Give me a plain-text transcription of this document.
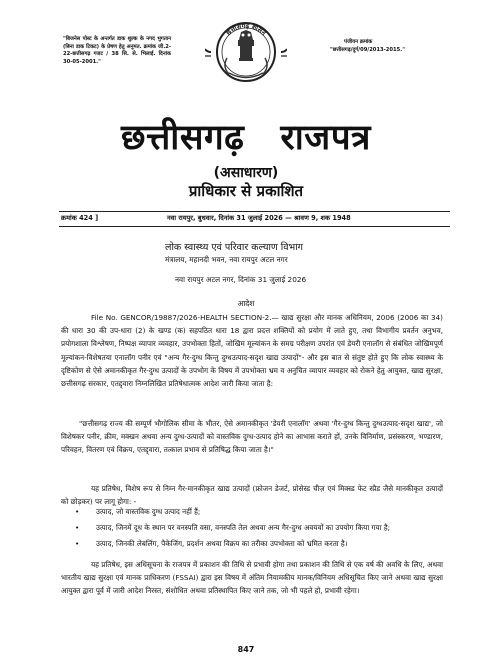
"बिजनेस पोस्ट के अन्तर्गत डाक शुल्क के नगद भुगतान (बिना डाक टिकट) के प्रेषण हेतु अनुमत. क्रमांक जी.2-22-छत्तीसगढ़ गजट / 38 सि. से. भिलाई. दिनांक 30-05-2001."
छत्तीसगढ़ शासन
पंजीयन क्रमांक
"छत्तीसगढ़/दुर्ग/09/2013-2015."
छत्तीसगढ़ राजपत्र
(असाधारण)
प्राधिकार से प्रकाशित
क्रमांक 424 ]	नवा रायपुर, बुधवार, दिनांक 31 जुलाई 2026 — श्रावण 9, शक 1948
लोक स्वास्थ्य एवं परिवार कल्याण विभाग
मंत्रालय, महानदी भवन, नवा रायपुर अटल नगर
नवा रायपुर अटल नगर, दिनांक 31 जुलाई 2026
आदेश
File No. GENCOR/19887/2026-HEALTH SECTION-2.— खाद्य सुरक्षा और मानक अधिनियम, 2006 (2006 का 34) की धारा 30 की उप-धारा (2) के खण्ड (क) सहपठित धारा 18 द्वारा प्रदत्त शक्तियों को प्रयोग में लाते हुए, तथा विभागीय प्रवर्तन अनुभव, प्रयोगशाला विश्लेषण, निष्पक्ष व्यापार व्यवहार, उपभोक्ता हितों, जोखिम मूल्यांकन के समग्र परीक्षण उपरांत एवं डेयरी एनालॉग से संबंधित जोखिमपूर्ण मूल्यांकन-विशेषतया एनालॉग पनीर एवं "अन्य गैर-दुग्ध किन्तु दुग्धउत्पाद-सदृश खाद्य उत्पादों"- और इस बात से संतुष्ट होते हुए कि लोक स्वास्थ्य के दृष्टिकोण से ऐसे अमानकीकृत गैर-दुग्ध उत्पादों के उपभोग के विषय में उपभोक्ता भ्रम व अनुचित व्यापार व्यवहार को रोकने हेतु आयुक्त, खाद्य सुरक्षा, छत्तीसगढ़ सरकार, एतद्द्वारा निम्नलिखित प्रतिषेधात्मक आदेश जारी किया जाता है:
"छत्तीसगढ़ राज्य की सम्पूर्ण भौगोलिक सीमा के भीतर, ऐसे अमानकीकृत 'डेयरी एनालॉग' अथवा 'गैर-दुग्ध किन्तु दुग्धउत्पाद-सदृश खाद्य', जो विशेषकर पनीर, क्रीम, मक्खन अथवा अन्य दुग्ध-उत्पादों को वास्तविक दुग्ध-उत्पाद होने का आभास कराते हों, उनके विनिर्माण, प्रसंस्करण, भण्डारण, परिवहन, वितरण एवं विक्रय, एतद्द्वारा, तत्काल प्रभाव से प्रतिषिद्ध किया जाता है।"
यह प्रतिषेध, विशेष रूप से निम्न गैर-मानकीकृत खाद्य उत्पादों (फ्रोजन डेजर्ट, प्रोसेस्ड चीज़ एवं मिक्स्ड फेट स्प्रैड जैसे मानकीकृत उत्पादों को छोड़कर) पर लागू होगा: -
• उत्पाद, जो वास्तविक दुग्ध उत्पाद नहीं हैं;
• उत्पाद, जिनमें दूध के स्थान पर वनस्पति वसा, वनस्पति तेल अथवा अन्य गैर-दुग्ध अवयवों का उपयोग किया गया है;
• उत्पाद, जिनकी लेबलिंग, पैकेजिंग, प्रदर्शन अथवा विक्रय का तरीका उपभोक्ता को भ्रमित करता है।
यह प्रतिषेध, इस अधिसूचना के राजपत्र में प्रकाशन की तिथि से प्रभावी होगा तथा प्रकाशन की तिथि से एक वर्ष की अवधि के लिए, अथवा भारतीय खाद्य सुरक्षा एवं मानक प्राधिकरण (FSSAI) द्वारा इस विषय में अंतिम नियामकीय मानक/विनियम अधिसूचित किए जाने अथवा खाद्य सुरक्षा आयुक्त द्वारा पूर्व में जारी आदेश निरस्त, संशोधित अथवा प्रतिस्थापित किए जाने तक, जो भी पहले हो, प्रभावी रहेगा।
847
